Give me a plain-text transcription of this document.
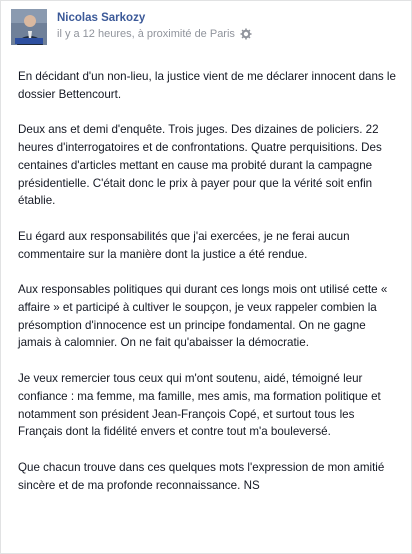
Nicolas Sarkozy
il y a 12 heures, à proximité de Paris

En décidant d'un non-lieu, la justice vient de me déclarer innocent dans le dossier Bettencourt.

Deux ans et demi d'enquête. Trois juges. Des dizaines de policiers. 22 heures d'interrogatoires et de confrontations. Quatre perquisitions. Des centaines d'articles mettant en cause ma probité durant la campagne présidentielle. C'était donc le prix à payer pour que la vérité soit enfin établie.

Eu égard aux responsabilités que j'ai exercées, je ne ferai aucun commentaire sur la manière dont la justice a été rendue.

Aux responsables politiques qui durant ces longs mois ont utilisé cette « affaire » et participé à cultiver le soupçon, je veux rappeler combien la présomption d'innocence est un principe fondamental. On ne gagne jamais à calomnier. On ne fait qu'abaisser la démocratie.

Je veux remercier tous ceux qui m'ont soutenu, aidé, témoigné leur confiance : ma femme, ma famille, mes amis, ma formation politique et notamment son président Jean-François Copé, et surtout tous les Français dont la fidélité envers et contre tout m'a bouleversé.

Que chacun trouve dans ces quelques mots l'expression de mon amitié sincère et de ma profonde reconnaissance. NS
